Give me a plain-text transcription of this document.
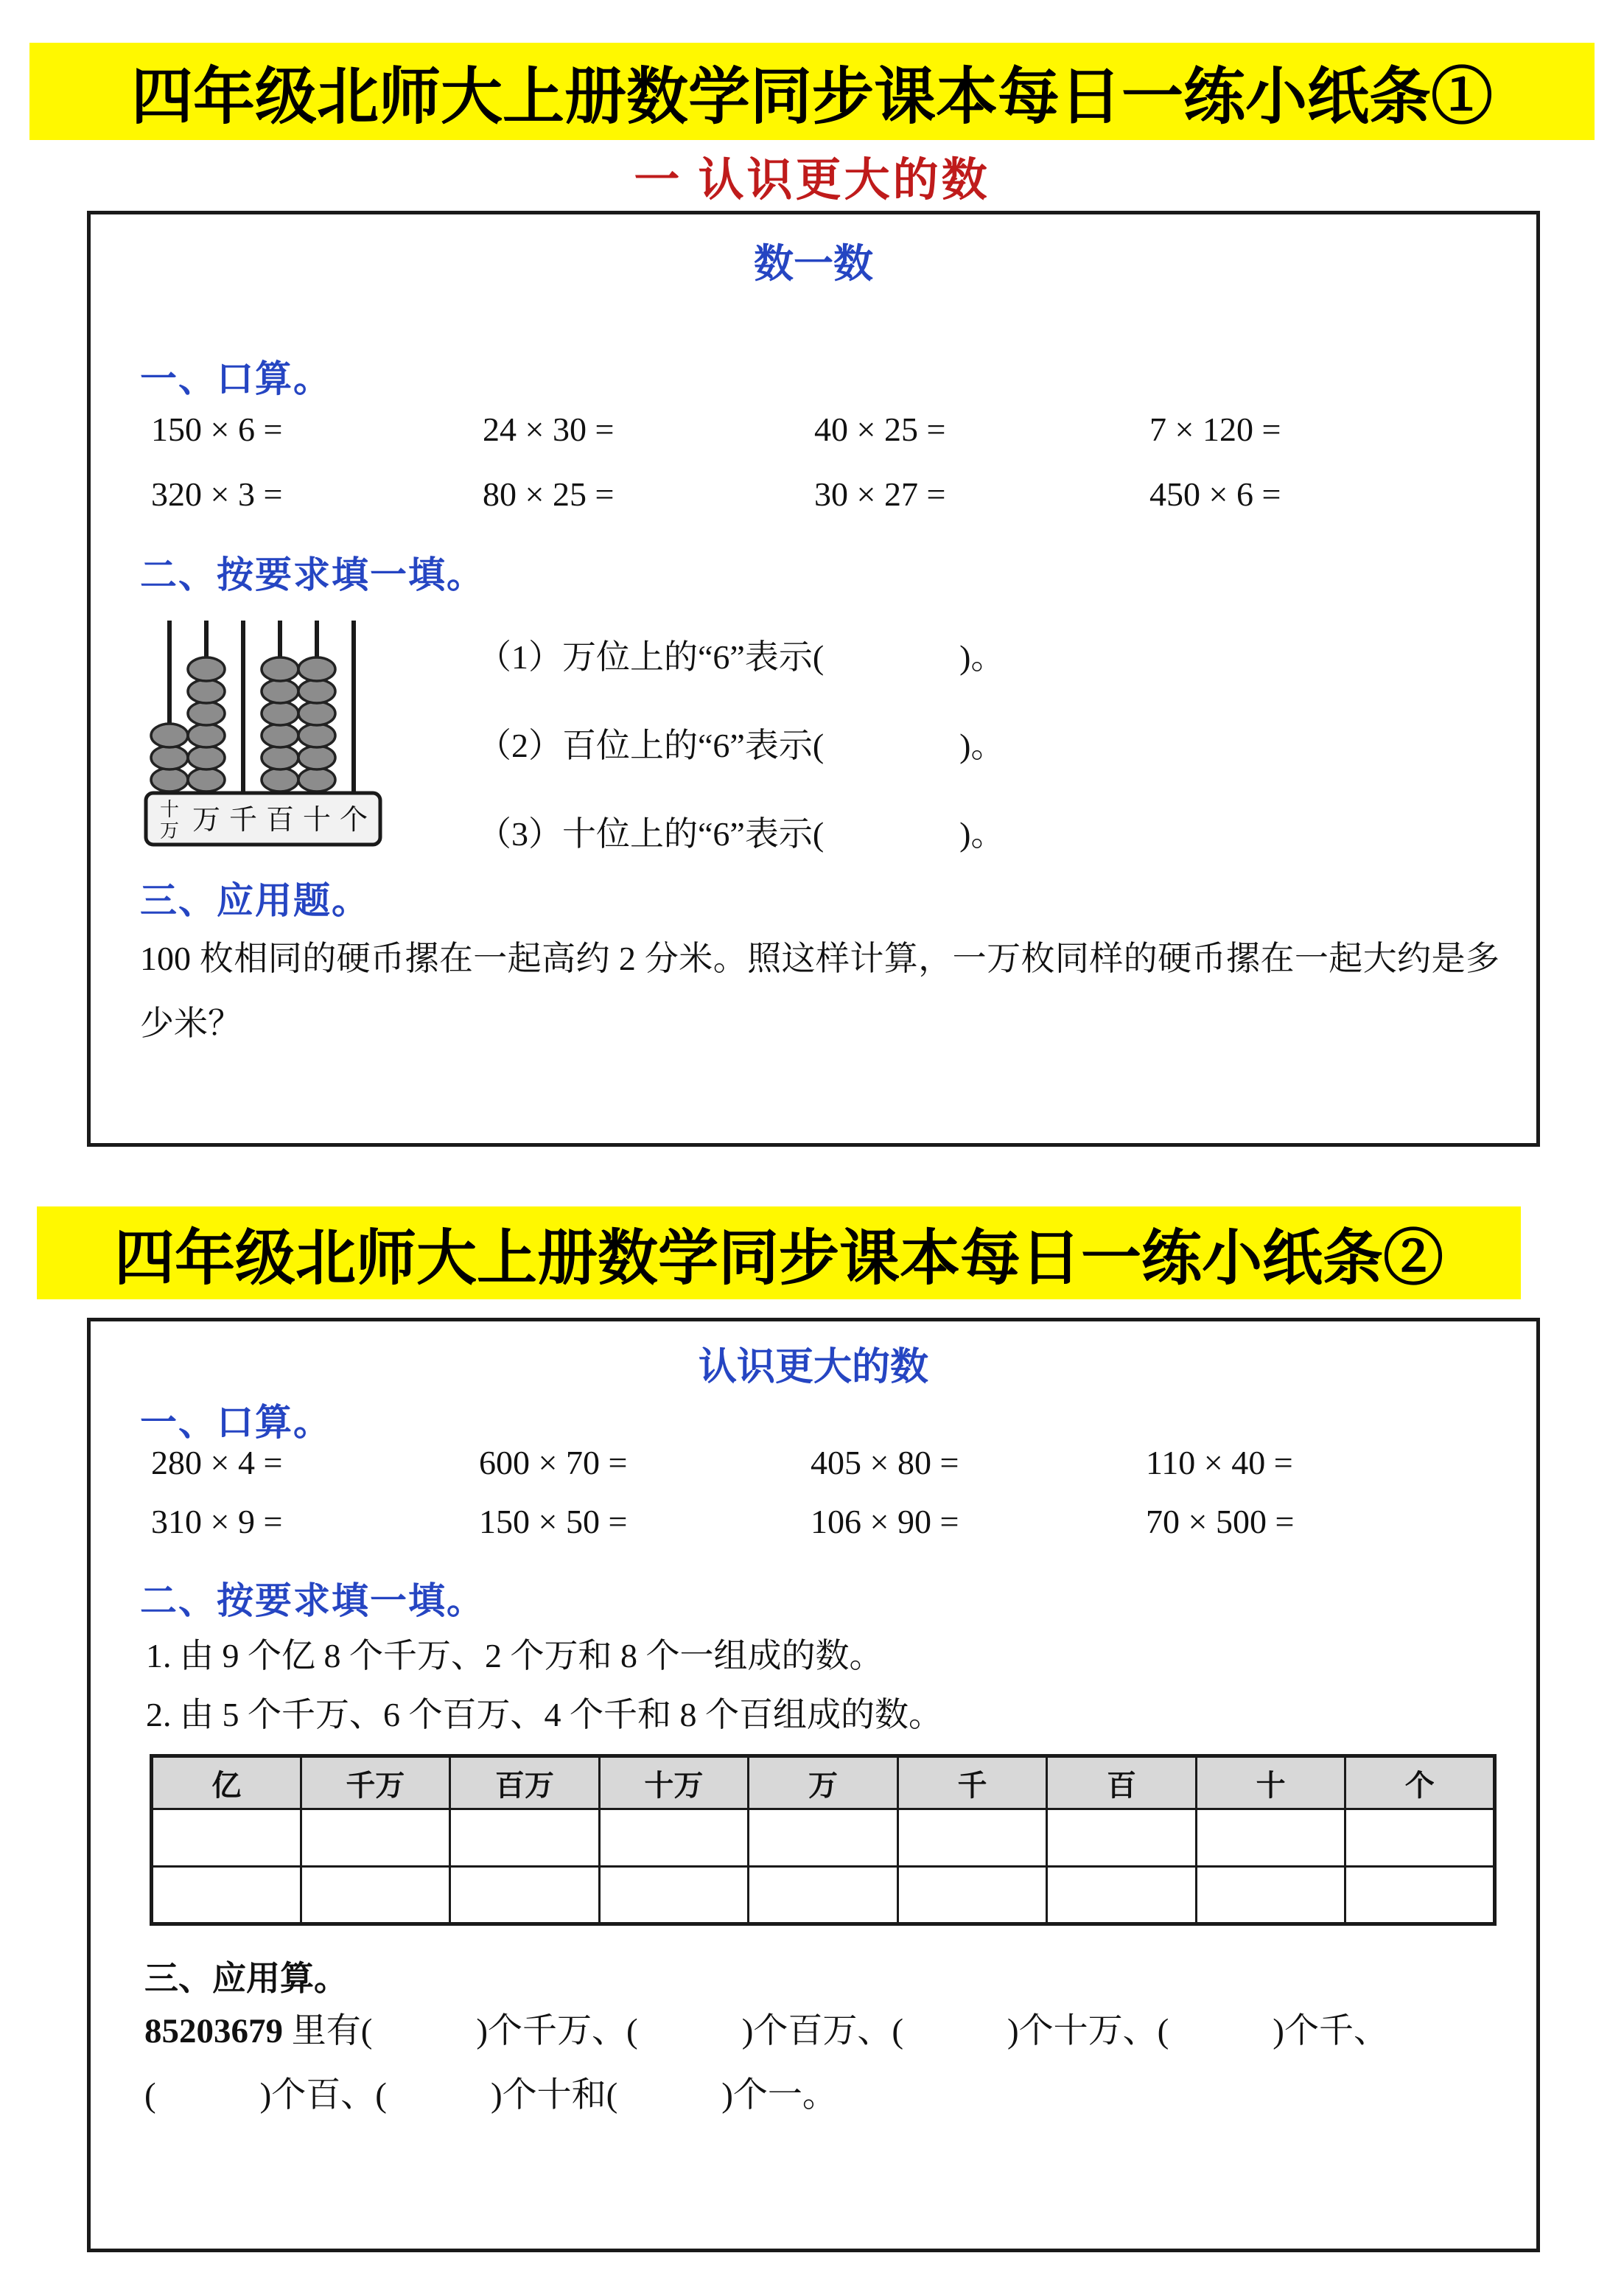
四年级北师大上册数学同步课本每日一练小纸条①
一 认识更大的数
数一数
一、口算。
150 × 6 =	24 × 30 =	40 × 25 =	7 × 120 =
320 × 3 =	80 × 25 =	30 × 27 =	450 × 6 =
二、按要求填一填。
十
万 万 千 百 十 个
（1）万位上的“6”表示(　　　　)。
（2）百位上的“6”表示(　　　　)。
（3）十位上的“6”表示(　　　　)。
三、应用题。

100 枚相同的硬币摞在一起高约 2 分米。照这样计算，一万枚同样的硬币摞在一起大约是多少米？

四年级北师大上册数学同步课本每日一练小纸条②
认识更大的数
一、口算。
280 × 4 =	600 × 70 =	405 × 80 =	110 × 40 =
310 × 9 =	150 × 50 =	106 × 90 =	70 × 500 =
二、按要求填一填。
1. 由 9 个亿 8 个千万、2 个万和 8 个一组成的数。
2. 由 5 个千万、6 个百万、4 个千和 8 个百组成的数。
亿	千万	百万	十万	万	千	百	十	个

三、应用算。

85203679 里有(　　　)个千万、(　　　)个百万、(　　　)个十万、(　　　)个千、

(　　　)个百、(　　　)个十和(　　　)个一。
